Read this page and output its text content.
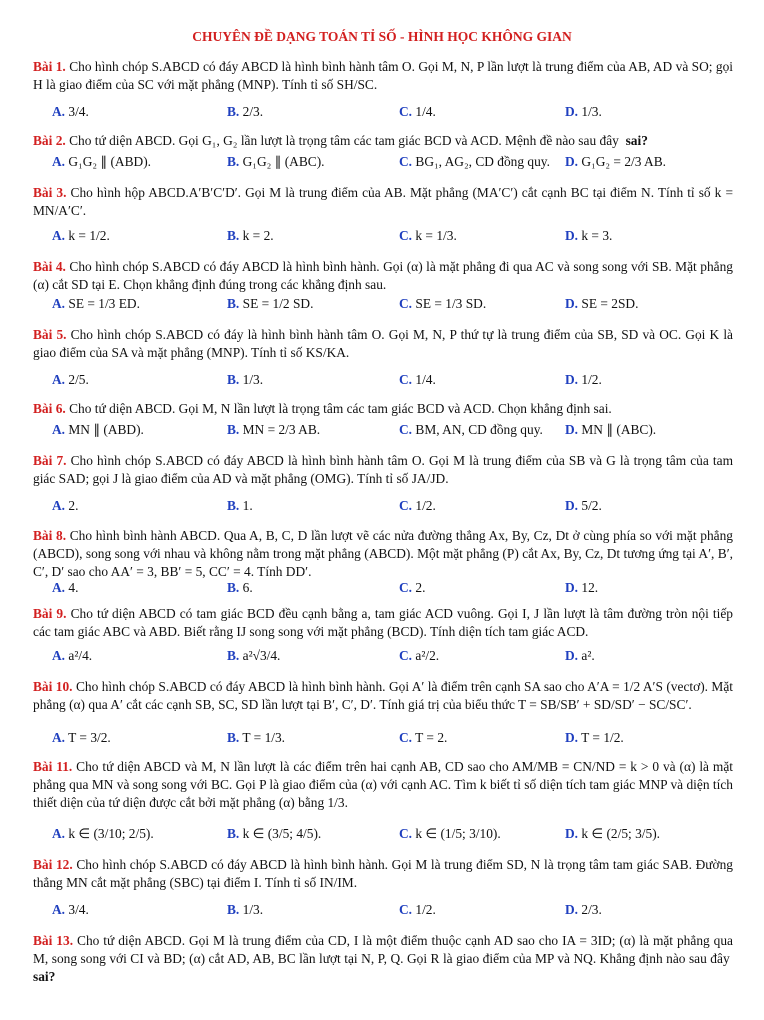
CHUYÊN ĐỀ DẠNG TOÁN TỈ SỐ - HÌNH HỌC KHÔNG GIAN
Bài 1. Cho hình chóp S.ABCD có đáy ABCD là hình bình hành tâm O. Gọi M, N, P lần lượt là trung điểm của AB, AD và SO; gọi H là giao điểm của SC với mặt phẳng (MNP). Tính tỉ số SH/SC.
A. 3/4.	B. 2/3.	C. 1/4.	D. 1/3.
Bài 2. Cho tứ diện ABCD. Gọi G₁, G₂ lần lượt là trọng tâm các tam giác BCD và ACD. Mệnh đề nào sau đây  sai?
A. G₁G₂ ∥ (ABD).	B. G₁G₂ ∥ (ABC).	C. BG₁, AG₂, CD đồng quy. D. G₁G₂ = 2/3 AB.
Bài 3. Cho hình hộp ABCD.A′B′C′D′. Gọi M là trung điểm của AB. Mặt phẳng (MA′C′) cắt cạnh BC tại điểm N. Tính tỉ số k = MN/A′C′.
A. k = 1/2.	B. k = 2.	C. k = 1/3.	D. k = 3.
Bài 4. Cho hình chóp S.ABCD có đáy ABCD là hình bình hành. Gọi (α) là mặt phẳng đi qua AC và song song với SB. Mặt phẳng (α) cắt SD tại E. Chọn khẳng định đúng trong các khẳng định sau.
A. SE = 1/3 ED.	B. SE = 1/2 SD.	C. SE = 1/3 SD.	D. SE = 2SD.
Bài 5. Cho hình chóp S.ABCD có đáy là hình bình hành tâm O. Gọi M, N, P thứ tự là trung điểm của SB, SD và OC. Gọi K là giao điểm của SA và mặt phẳng (MNP). Tính tỉ số KS/KA.
A. 2/5.	B. 1/3.	C. 1/4.	D. 1/2.
Bài 6. Cho tứ diện ABCD. Gọi M, N lần lượt là trọng tâm các tam giác BCD và ACD. Chọn khẳng định sai.
A. MN ∥ (ABD).	B. MN = 2/3 AB.	C. BM, AN, CD đồng quy. D. MN ∥ (ABC).
Bài 7. Cho hình chóp S.ABCD có đáy ABCD là hình bình hành tâm O. Gọi M là trung điểm của SB và G là trọng tâm của tam giác SAD; gọi J là giao điểm của AD và mặt phẳng (OMG). Tính tỉ số JA/JD.
A. 2.	B. 1.	C. 1/2.	D. 5/2.
Bài 8. Cho hình bình hành ABCD. Qua A, B, C, D lần lượt vẽ các nửa đường thẳng Ax, By, Cz, Dt ở cùng phía so với mặt phẳng (ABCD), song song với nhau và không nằm trong mặt phẳng (ABCD). Một mặt phẳng (P) cắt Ax, By, Cz, Dt tương ứng tại A′, B′, C′, D′ sao cho AA′ = 3, BB′ = 5, CC′ = 4. Tính DD′.
A. 4.	B. 6.	C. 2.	D. 12.
Bài 9. Cho tứ diện ABCD có tam giác BCD đều cạnh bằng a, tam giác ACD vuông. Gọi I, J lần lượt là tâm đường tròn nội tiếp các tam giác ABC và ABD. Biết rằng IJ song song với mặt phẳng (BCD). Tính diện tích tam giác ACD.
A. a²/4.	B. a²√3/4.	C. a²/2.	D. a².
Bài 10. Cho hình chóp S.ABCD có đáy ABCD là hình bình hành. Gọi A′ là điểm trên cạnh SA sao cho A′A = 1/2 A′S (vectơ). Mặt phẳng (α) qua A′ cắt các cạnh SB, SC, SD lần lượt tại B′, C′, D′. Tính giá trị của biểu thức T = SB/SB′ + SD/SD′ − SC/SC′.
A. T = 3/2.	B. T = 1/3.	C. T = 2.	D. T = 1/2.
Bài 11. Cho tứ diện ABCD và M, N lần lượt là các điểm trên hai cạnh AB, CD sao cho AM/MB = CN/ND = k > 0 và (α) là mặt phẳng qua MN và song song với BC. Gọi P là giao điểm của (α) với cạnh AC. Tìm k biết tỉ số diện tích tam giác MNP và diện tích thiết diện của tứ diện được cắt bởi mặt phẳng (α) bằng 1/3.
A. k ∈ (3/10; 2/5).	B. k ∈ (3/5; 4/5).	C. k ∈ (1/5; 3/10).	D. k ∈ (2/5; 3/5).
Bài 12. Cho hình chóp S.ABCD có đáy ABCD là hình bình hành. Gọi M là trung điểm SD, N là trọng tâm tam giác SAB. Đường thẳng MN cắt mặt phẳng (SBC) tại điểm I. Tính tỉ số IN/IM.
A. 3/4.	B. 1/3.	C. 1/2.	D. 2/3.
Bài 13. Cho tứ diện ABCD. Gọi M là trung điểm của CD, I là một điểm thuộc cạnh AD sao cho IA = 3ID; (α) là mặt phẳng qua M, song song với CI và BD; (α) cắt AD, AB, BC lần lượt tại N, P, Q. Gọi R là giao điểm của MP và NQ. Khẳng định nào sau đây  sai?
